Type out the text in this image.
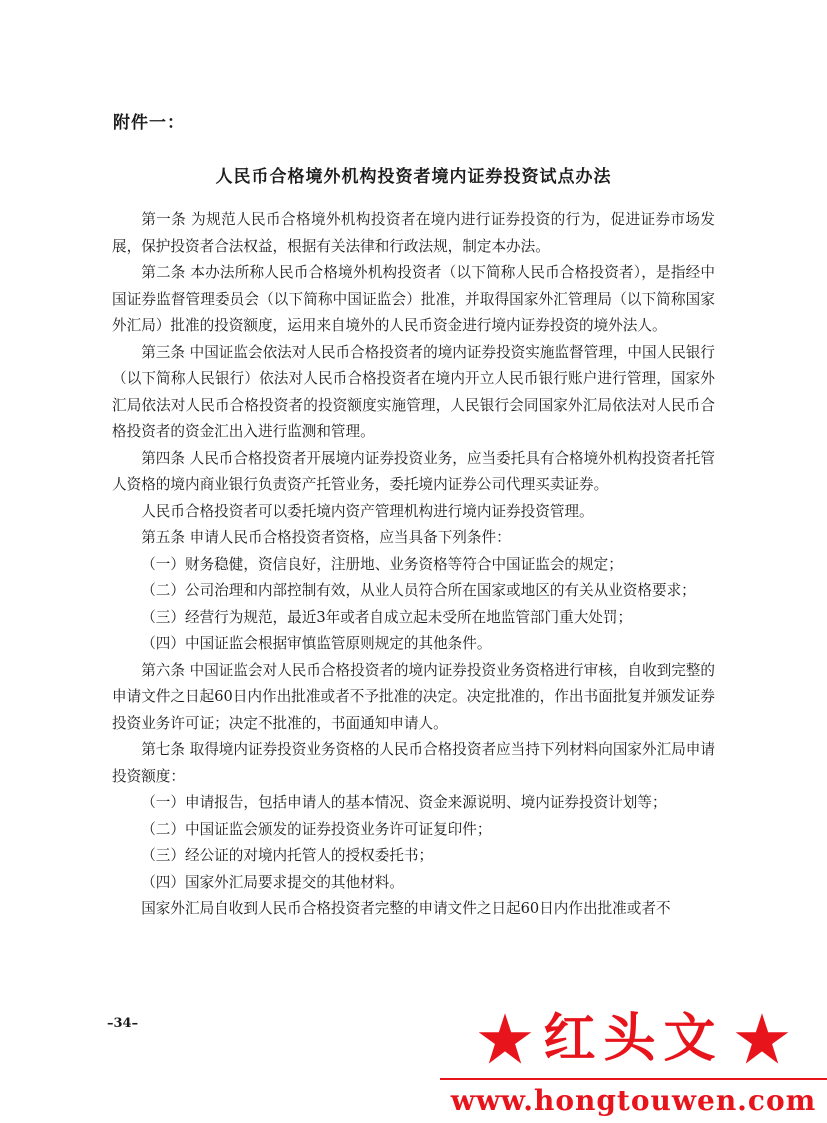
附件一：
人民币合格境外机构投资者境内证券投资试点办法

第一条 为规范人民币合格境外机构投资者在境内进行证券投资的行为，促进证券市场发展，保护投资者合法权益，根据有关法律和行政法规，制定本办法。

第二条 本办法所称人民币合格境外机构投资者（以下简称人民币合格投资者），是指经中国证券监督管理委员会（以下简称中国证监会）批准，并取得国家外汇管理局（以下简称国家外汇局）批准的投资额度，运用来自境外的人民币资金进行境内证券投资的境外法人。

第三条 中国证监会依法对人民币合格投资者的境内证券投资实施监督管理，中国人民银行（以下简称人民银行）依法对人民币合格投资者在境内开立人民币银行账户进行管理，国家外汇局依法对人民币合格投资者的投资额度实施管理，人民银行会同国家外汇局依法对人民币合格投资者的资金汇出入进行监测和管理。

第四条 人民币合格投资者开展境内证券投资业务，应当委托具有合格境外机构投资者托管人资格的境内商业银行负责资产托管业务，委托境内证券公司代理买卖证券。

人民币合格投资者可以委托境内资产管理机构进行境内证券投资管理。

第五条 申请人民币合格投资者资格，应当具备下列条件：

（一）财务稳健，资信良好，注册地、业务资格等符合中国证监会的规定；

（二）公司治理和内部控制有效，从业人员符合所在国家或地区的有关从业资格要求；

（三）经营行为规范，最近3年或者自成立起未受所在地监管部门重大处罚；

（四）中国证监会根据审慎监管原则规定的其他条件。

第六条 中国证监会对人民币合格投资者的境内证券投资业务资格进行审核，自收到完整的申请文件之日起60日内作出批准或者不予批准的决定。决定批准的，作出书面批复并颁发证券投资业务许可证；决定不批准的，书面通知申请人。

第七条 取得境内证券投资业务资格的人民币合格投资者应当持下列材料向国家外汇局申请投资额度：

（一）申请报告，包括申请人的基本情况、资金来源说明、境内证券投资计划等；

（二）中国证监会颁发的证券投资业务许可证复印件；

（三）经公证的对境内托管人的授权委托书；

（四）国家外汇局要求提交的其他材料。

国家外汇局自收到人民币合格投资者完整的申请文件之日起60日内作出批准或者不

–34–	红头文
www.hongtouwen.com
